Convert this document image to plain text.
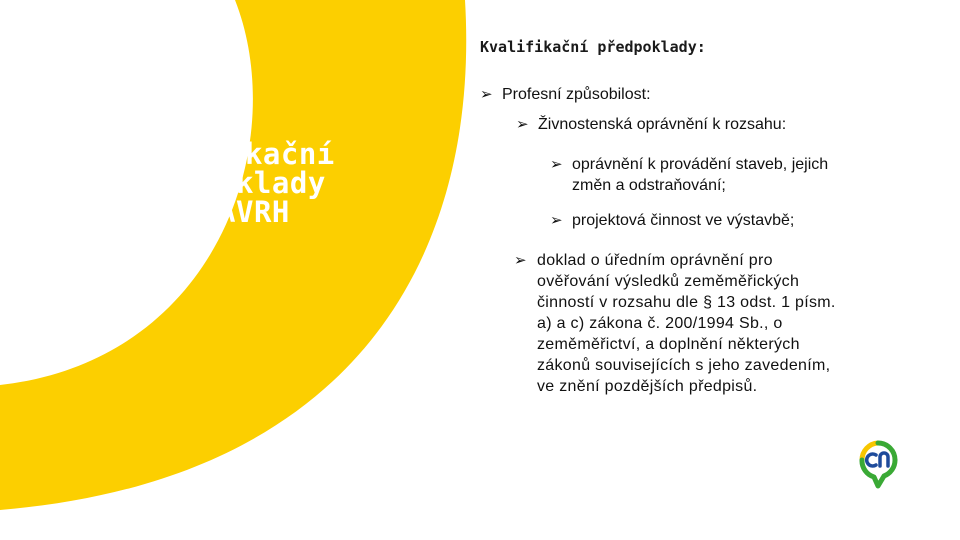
Kvalifikační
předpoklady
- NÁVRH
Kvalifikační předpoklady:
➢ Profesní způsobilost:
➢ Živnostenská oprávnění k rozsahu:
➢ oprávnění k provádění staveb, jejich
změn a odstraňování;
➢ projektová činnost ve výstavbě;
➢ doklad o úředním oprávnění pro
ověřování výsledků zeměměřických
činností v rozsahu dle § 13 odst. 1 písm.
a) a c) zákona č. 200/1994 Sb., o
zeměměřictví, a doplnění některých
zákonů souvisejících s jeho zavedením,
ve znění pozdějších předpisů.
